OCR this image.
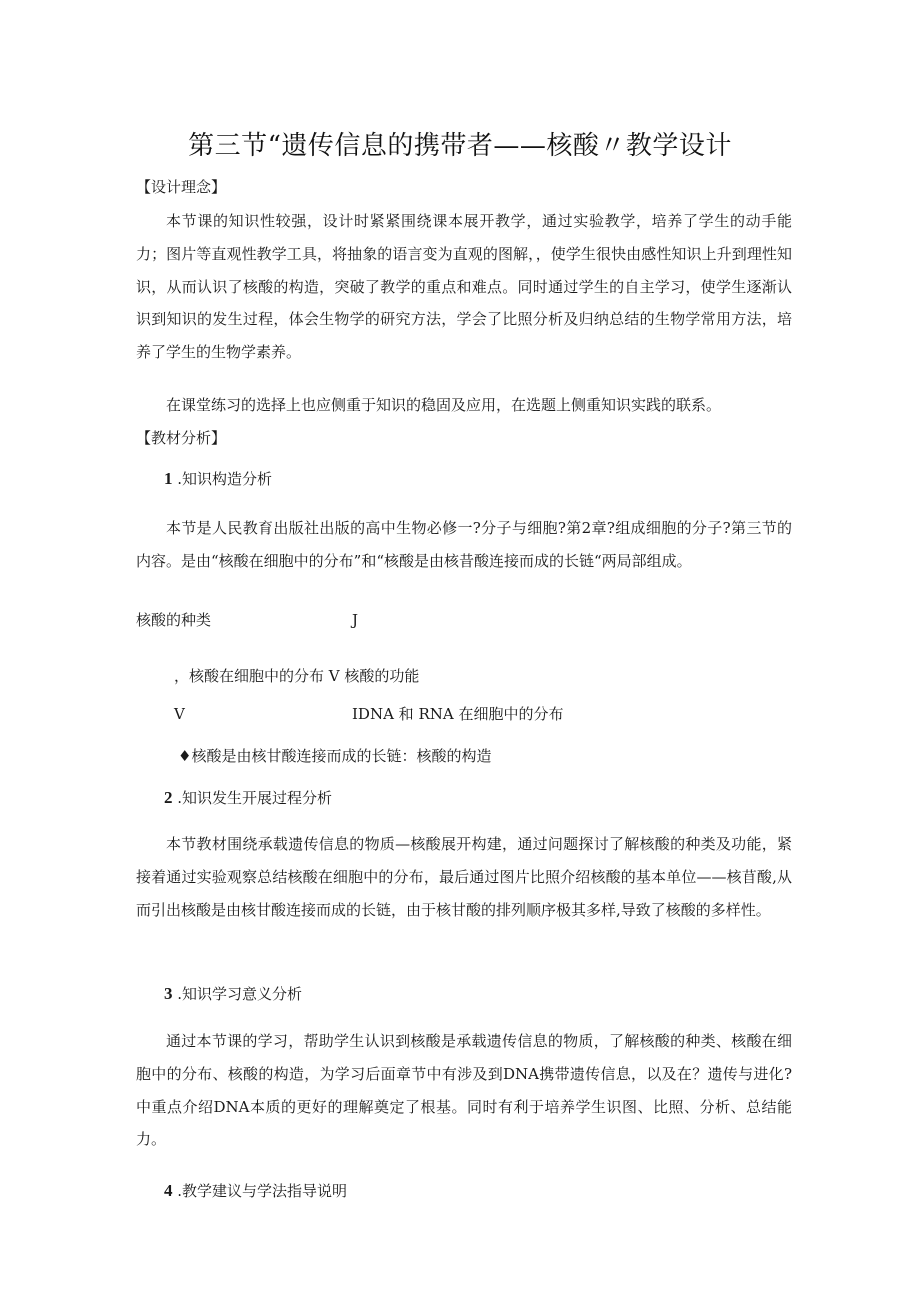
第三节“遗传信息的携带者——核酸〃教学设计
【设计理念】

本节课的知识性较强，设计时紧紧围绕课本展开教学，通过实验教学，培养了学生的动手能力；图片等直观性教学工具，将抽象的语言变为直观的图解，，使学生很快由感性知识上升到理性知识，从而认识了核酸的构造，突破了教学的重点和难点。同时通过学生的自主学习，使学生逐渐认识到知识的发生过程，体会生物学的研究方法，学会了比照分析及归纳总结的生物学常用方法，培养了学生的生物学素养。

在课堂练习的选择上也应侧重于知识的稳固及应用，在选题上侧重知识实践的联系。

【教材分析】
1 .知识构造分析

本节是人民教育出版社出版的高中生物必修一?分子与细胞?第2章?组成细胞的分子?第三节的内容。是由“核酸在细胞中的分布”和“核酸是由核昔酸连接而成的长链“两局部组成。

核酸的种类	J
，核酸在细胞中的分布 V 核酸的功能
V	IDNA 和 RNA 在细胞中的分布
♦核酸是由核甘酸连接而成的长链：核酸的构造
2 .知识发生开展过程分析

本节教材围绕承载遗传信息的物质—核酸展开构建，通过问题探讨了解核酸的种类及功能，紧接着通过实验观察总结核酸在细胞中的分布，最后通过图片比照介绍核酸的基本单位——核苜酸,从而引出核酸是由核甘酸连接而成的长链，由于核甘酸的排列顺序极其多样,导致了核酸的多样性。

3 .知识学习意义分析

通过本节课的学习，帮助学生认识到核酸是承载遗传信息的物质，了解核酸的种类、核酸在细胞中的分布、核酸的构造，为学习后面章节中有涉及到DNA携带遗传信息，以及在？遗传与进化?中重点介绍DNA本质的更好的理解奠定了根基。同时有利于培养学生识图、比照、分析、总结能力。

4 .教学建议与学法指导说明
